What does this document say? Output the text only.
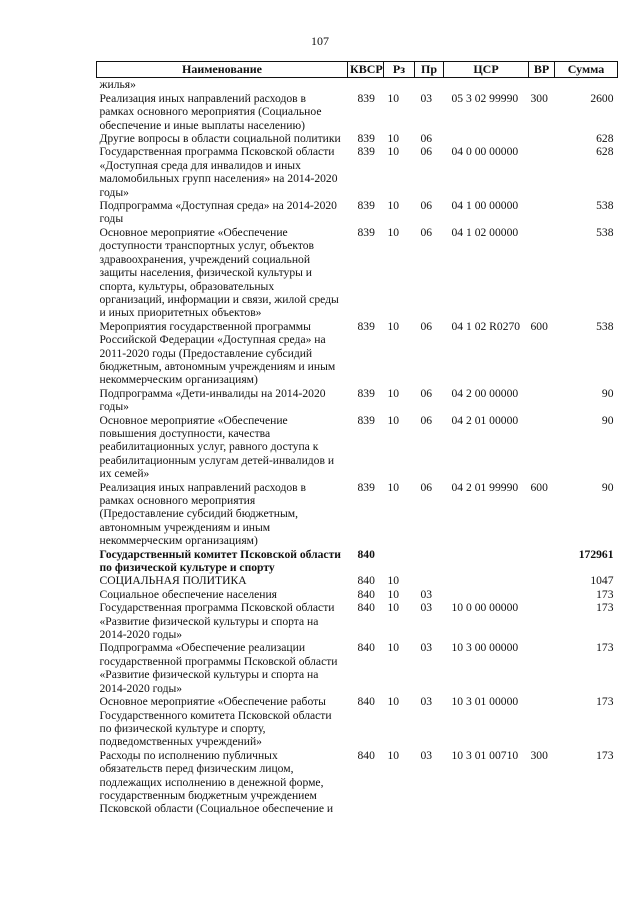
107
Наименование	КВСР	Рз	Пр	ЦСР	ВР	Сумма
жилья»						
Реализация иных направлений расходов в рамках основного мероприятия (Социальное обеспечение и иные выплаты населению)	839	10	03	05 3 02 99990	300	2600
Другие вопросы в области социальной политики	839	10	06			628
Государственная программа Псковской области «Доступная среда для инвалидов и иных маломобильных групп населения» на 2014-2020 годы»	839	10	06	04 0 00 00000		628
Подпрограмма «Доступная среда» на 2014-2020 годы	839	10	06	04 1 00 00000		538
Основное мероприятие «Обеспечение доступности транспортных услуг, объектов здравоохранения, учреждений социальной защиты населения, физической культуры и спорта, культуры, образовательных организаций, информации и связи, жилой среды и иных приоритетных объектов»	839	10	06	04 1 02 00000		538
Мероприятия государственной программы Российской Федерации «Доступная среда» на 2011-2020 годы (Предоставление субсидий бюджетным, автономным учреждениям и иным некоммерческим организациям)	839	10	06	04 1 02 R0270	600	538
Подпрограмма «Дети-инвалиды на 2014-2020 годы»	839	10	06	04 2 00 00000		90
Основное мероприятие «Обеспечение повышения доступности, качества реабилитационных услуг, равного доступа к реабилитационным услугам детей-инвалидов и их семей»	839	10	06	04 2 01 00000		90
Реализация иных направлений расходов в рамках основного мероприятия (Предоставление субсидий бюджетным, автономным учреждениям и иным некоммерческим организациям)	839	10	06	04 2 01 99990	600	90
Государственный комитет Псковской области по физической культуре и спорту	840					172961
СОЦИАЛЬНАЯ ПОЛИТИКА	840	10				1047
Социальное обеспечение населения	840	10	03			173
Государственная программа Псковской области «Развитие физической культуры и спорта на 2014-2020 годы»	840	10	03	10 0 00 00000		173
Подпрограмма «Обеспечение реализации государственной программы Псковской области «Развитие физической культуры и спорта на 2014-2020 годы»	840	10	03	10 3 00 00000		173
Основное мероприятие «Обеспечение работы Государственного комитета Псковской области по физической культуре и спорту, подведомственных учреждений»	840	10	03	10 3 01 00000		173
Расходы по исполнению публичных обязательств перед физическим лицом, подлежащих исполнению в денежной форме, государственным бюджетным учреждением Псковской области (Социальное обеспечение и	840	10	03	10 3 01 00710	300	173
